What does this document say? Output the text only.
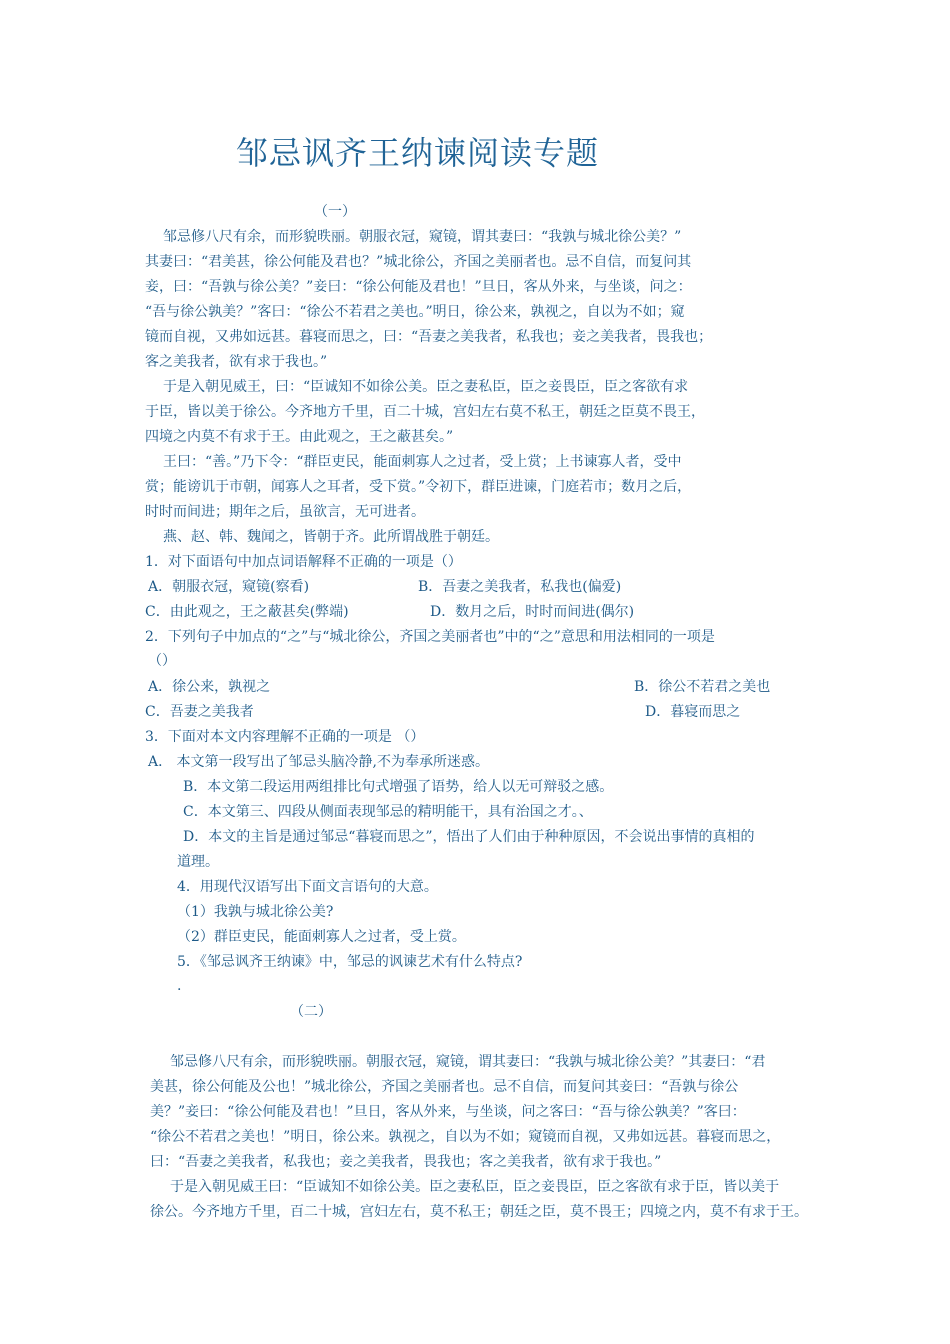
邹忌讽齐王纳谏阅读专题

（一）

邹忌修八尺有余，而形貌昳丽。朝服衣冠，窥镜，谓其妻曰：“我孰与城北徐公美？”

其妻曰：“君美甚，徐公何能及君也？”城北徐公，齐国之美丽者也。忌不自信，而复问其

妾，曰：“吾孰与徐公美？”妾曰：“徐公何能及君也！”旦日，客从外来，与坐谈，问之：

“吾与徐公孰美？”客曰：“徐公不若君之美也。”明日，徐公来，孰视之，自以为不如；窥

镜而自视，又弗如远甚。暮寝而思之，曰：“吾妻之美我者，私我也；妾之美我者，畏我也；

客之美我者，欲有求于我也。”

于是入朝见威王，曰：“臣诚知不如徐公美。臣之妻私臣，臣之妾畏臣，臣之客欲有求

于臣，皆以美于徐公。今齐地方千里，百二十城，宫妇左右莫不私王，朝廷之臣莫不畏王，

四境之内莫不有求于王。由此观之，王之蔽甚矣。”

王曰：“善。”乃下令：“群臣吏民，能面刺寡人之过者，受上赏；上书谏寡人者，受中

赏；能谤讥于市朝，闻寡人之耳者，受下赏。”令初下，群臣进谏，门庭若市；数月之后，

时时而间进；期年之后，虽欲言，无可进者。

燕、赵、韩、魏闻之，皆朝于齐。此所谓战胜于朝廷。

1．对下面语句中加点词语解释不正确的一项是（）

A．朝服衣冠，窥镜(察看)	B．吾妻之美我者，私我也(偏爱)

C．由此观之，王之蔽甚矣(弊端)	D．数月之后，时时而间进(偶尔)

2．下列句子中加点的“之”与“城北徐公，齐国之美丽者也”中的“之”意思和用法相同的一项是

（）

A．徐公来，孰视之	B．徐公不若君之美也

C．吾妻之美我者	D．暮寝而思之

3．下面对本文内容理解不正确的一项是 （）

A． 本文第一段写出了邹忌头脑冷静,不为奉承所迷惑。

B．本文第二段运用两组排比句式增强了语势，给人以无可辩驳之感。

C．本文第三、四段从侧面表现邹忌的精明能干，具有治国之才。、

D．本文的主旨是通过邹忌“暮寝而思之”，悟出了人们由于种种原因，不会说出事情的真相的

道理。

4．用现代汉语写出下面文言语句的大意。

（1）我孰与城北徐公美?

（2）群臣吏民，能面刺寡人之过者，受上赏。

5．《邹忌讽齐王纳谏》中，邹忌的讽谏艺术有什么特点?

.

（二）

邹忌修八尺有余，而形貌昳丽。朝服衣冠，窥镜，谓其妻曰：“我孰与城北徐公美？”其妻曰：“君

美甚，徐公何能及公也！”城北徐公，齐国之美丽者也。忌不自信，而复问其妾曰：“吾孰与徐公

美？”妾曰：“徐公何能及君也！”旦日，客从外来，与坐谈，问之客曰：“吾与徐公孰美？”客曰：

“徐公不若君之美也！”明日，徐公来。孰视之，自以为不如；窥镜而自视，又弗如远甚。暮寝而思之，

曰：“吾妻之美我者，私我也；妾之美我者，畏我也；客之美我者，欲有求于我也。”

于是入朝见威王曰：“臣诚知不如徐公美。臣之妻私臣，臣之妾畏臣，臣之客欲有求于臣，皆以美于

徐公。今齐地方千里，百二十城，宫妇左右，莫不私王；朝廷之臣，莫不畏王；四境之内，莫不有求于王。
